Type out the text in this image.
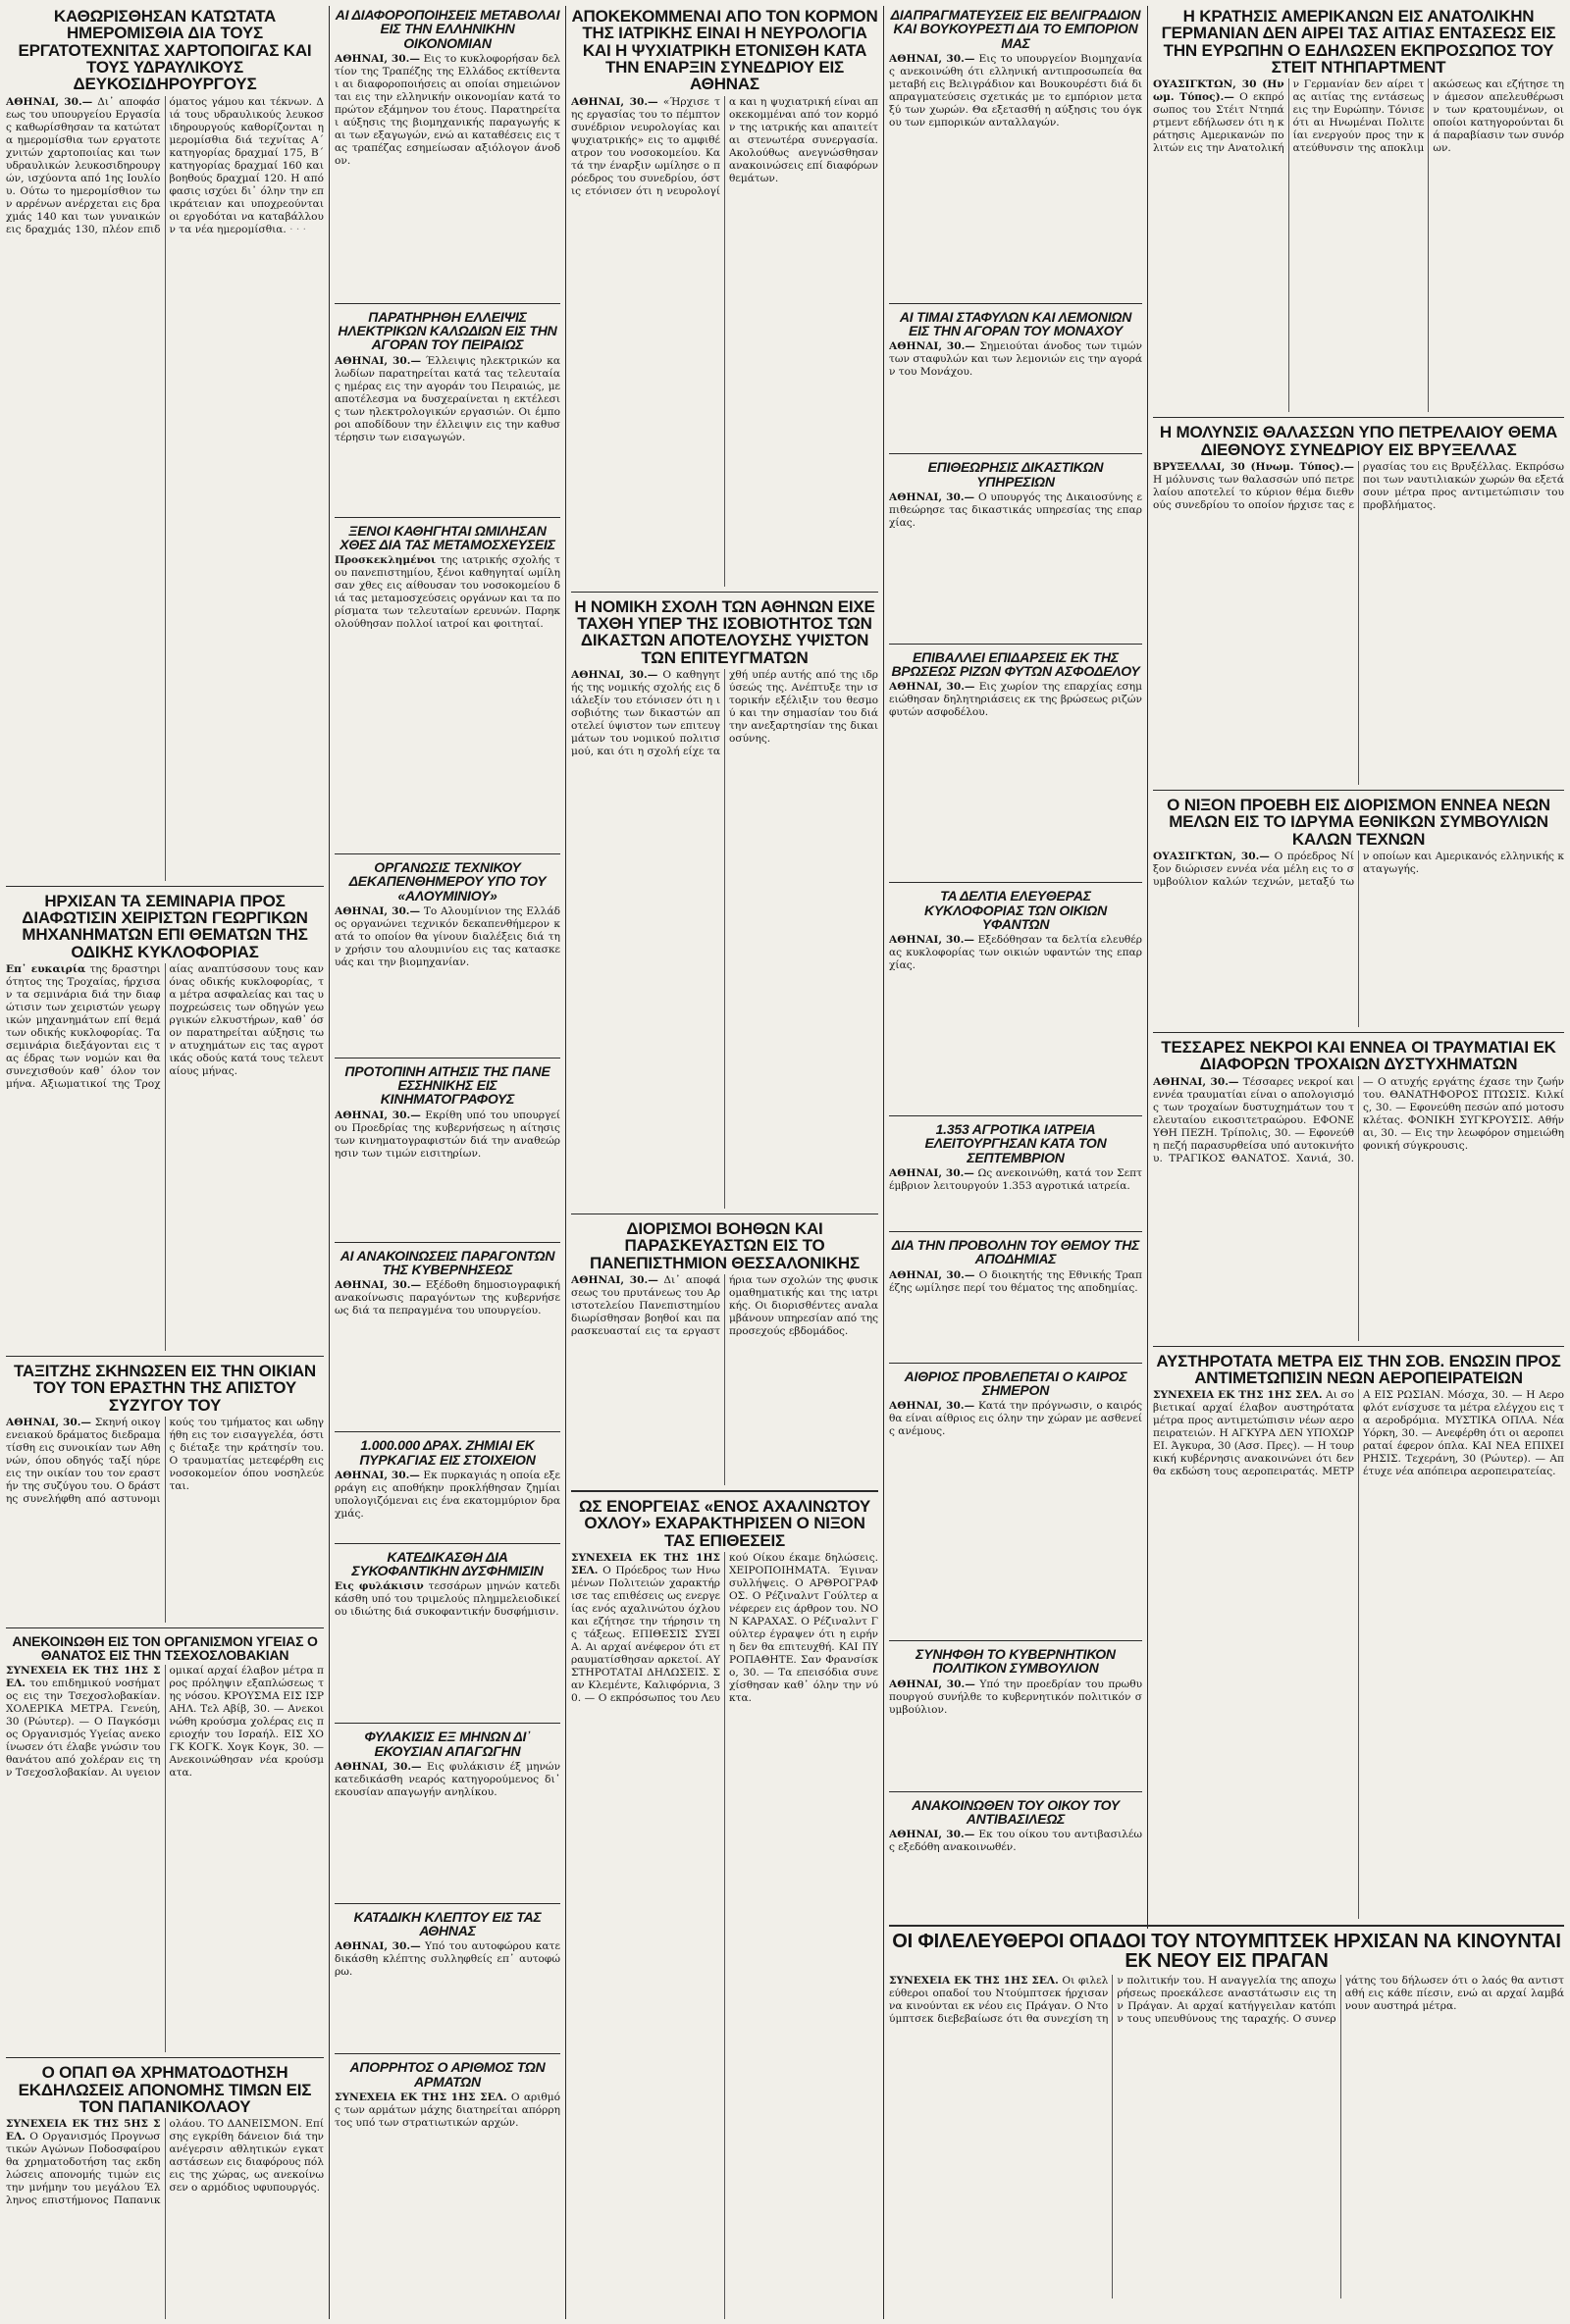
ΚΑΘΩΡΙΣΘΗΣΑΝ ΚΑΤΩΤΑΤΑ ΗΜΕΡΟΜΙΣΘΙΑ ΔΙΑ ΤΟΥΣ ΕΡΓΑΤΟΤΕΧΝΙΤΑΣ ΧΑΡΤΟΠΟΙΓΑΣ ΚΑΙ ΤΟΥΣ ΥΔΡΑΥΛΙΚΟΥΣ ΔΕΥΚΟΣΙΔΗΡΟΥΡΓΟΥΣ

ΑΘΗΝΑΙ, 30.— Δι᾽ αποφάσεως του υπουργείου Εργασίας καθωρίσθησαν τα κατώτατα ημερομίσθια των εργατοτεχνιτών χαρτοποιίας και των υδραυλικών λευκοσιδηρουργών, ισχύοντα από 1ης Ιουλίου. Ούτω το ημερομίσθιον των αρρένων ανέρχεται εις δραχμάς 140 και των γυναικών εις δραχμάς 130, πλέον επιδόματος γάμου και τέκνων. Διά τους υδραυλικούς λευκοσιδηρουργούς καθορίζονται ημερομίσθια διά τεχνίτας Α΄ κατηγορίας δραχμαί 175, Β΄ κατηγορίας δραχμαί 160 και βοηθούς δραχμαί 120. Η απόφασις ισχύει δι᾽ όλην την επικράτειαν και υποχρεούνται οι εργοδόται να καταβάλλουν τα νέα ημερομίσθια. · · ·

ΗΡΧΙΣΑΝ ΤΑ ΣΕΜΙΝΑΡΙΑ ΠΡΟΣ ΔΙΑΦΩΤΙΣΙΝ ΧΕΙΡΙΣΤΩΝ ΓΕΩΡΓΙΚΩΝ ΜΗΧΑΝΗΜΑΤΩΝ ΕΠΙ ΘΕΜΑΤΩΝ ΤΗΣ ΟΔΙΚΗΣ ΚΥΚΛΟΦΟΡΙΑΣ

Επ᾽ ευκαιρία της δραστηριότητος της Τροχαίας, ήρχισαν τα σεμινάρια διά την διαφώτισιν των χειριστών γεωργικών μηχανημάτων επί θεμάτων οδικής κυκλοφορίας. Τα σεμινάρια διεξάγονται εις τας έδρας των νομών και θα συνεχισθούν καθ᾽ όλον τον μήνα. Αξιωματικοί της Τροχαίας αναπτύσσουν τους κανόνας οδικής κυκλοφορίας, τα μέτρα ασφαλείας και τας υποχρεώσεις των οδηγών γεωργικών ελκυστήρων, καθ᾽ όσον παρατηρείται αύξησις των ατυχημάτων εις τας αγροτικάς οδούς κατά τους τελευταίους μήνας.

ΤΑΞΙΤΖΗΣ ΣΚΗΝΩΣΕΝ ΕΙΣ ΤΗΝ ΟΙΚΙΑΝ ΤΟΥ ΤΟΝ ΕΡΑΣΤΗΝ ΤΗΣ ΑΠΙΣΤΟΥ ΣΥΖΥΓΟΥ ΤΟΥ

ΑΘΗΝΑΙ, 30.— Σκηνή οικογενειακού δράματος διεδραματίσθη εις συνοικίαν των Αθηνών, όπου οδηγός ταξί ηύρε εις την οικίαν του τον εραστήν της συζύγου του. Ο δράστης συνελήφθη από αστυνομικούς του τμήματος και ωδηγήθη εις τον εισαγγελέα, όστις διέταξε την κράτησίν του. Ο τραυματίας μετεφέρθη εις νοσοκομείον όπου νοσηλεύεται.

ΑΝΕΚΟΙΝΩΘΗ ΕΙΣ ΤΟΝ ΟΡΓΑΝΙΣΜΟΝ ΥΓΕΙΑΣ Ο ΘΑΝΑΤΟΣ ΕΙΣ ΤΗΝ ΤΣΕΧΟΣΛΟΒΑΚΙΑΝ

ΣΥΝΕΧΕΙΑ ΕΚ ΤΗΣ 1ΗΣ ΣΕΛ. του επιδημικού νοσήματος εις την Τσεχοσλοβακίαν. ΧΟΛΕΡΙΚΑ ΜΕΤΡΑ. Γενεύη, 30 (Ρώυτερ). — Ο Παγκόσμιος Οργανισμός Υγείας ανεκοίνωσεν ότι έλαβε γνώσιν του θανάτου από χολέραν εις την Τσεχοσλοβακίαν. Αι υγειονομικαί αρχαί έλαβον μέτρα προς πρόληψιν εξαπλώσεως της νόσου. ΚΡΟΥΣΜΑ ΕΙΣ ΙΣΡΑΗΛ. Τελ Αβίβ, 30. — Ανεκοινώθη κρούσμα χολέρας εις περιοχήν του Ισραήλ. ΕΙΣ ΧΟΓΚ ΚΟΓΚ. Χογκ Κογκ, 30. — Ανεκοινώθησαν νέα κρούσματα.

Ο ΟΠΑΠ ΘΑ ΧΡΗΜΑΤΟΔΟΤΗΣΗ ΕΚΔΗΛΩΣΕΙΣ ΑΠΟΝΟΜΗΣ ΤΙΜΩΝ ΕΙΣ ΤΟΝ ΠΑΠΑΝΙΚΟΛΑΟΥ

ΣΥΝΕΧΕΙΑ ΕΚ ΤΗΣ 5ΗΣ ΣΕΛ. Ο Οργανισμός Προγνωστικών Αγώνων Ποδοσφαίρου θα χρηματοδοτήση τας εκδηλώσεις απονομής τιμών εις την μνήμην του μεγάλου Έλληνος επιστήμονος Παπανικολάου. ΤΟ ΔΑΝΕΙΣΜΟΝ. Επίσης εγκρίθη δάνειον διά την ανέγερσιν αθλητικών εγκαταστάσεων εις διαφόρους πόλεις της χώρας, ως ανεκοίνωσεν ο αρμόδιος υφυπουργός.

ΑΙ ΔΙΑΦΟΡΟΠΟΙΗΣΕΙΣ ΜΕΤΑΒΟΛΑΙ ΕΙΣ ΤΗΝ ΕΛΛΗΝΙΚΗΝ ΟΙΚΟΝΟΜΙΑΝ

ΑΘΗΝΑΙ, 30.— Εις το κυκλοφορήσαν δελτίον της Τραπέζης της Ελλάδος εκτίθενται αι διαφοροποιήσεις αι οποίαι σημειώνονται εις την ελληνικήν οικονομίαν κατά το πρώτον εξάμηνον του έτους. Παρατηρείται αύξησις της βιομηχανικής παραγωγής και των εξαγωγών, ενώ αι καταθέσεις εις τας τραπέζας εσημείωσαν αξιόλογον άνοδον.

ΠΑΡΑΤΗΡΗΘΗ ΕΛΛΕΙΨΙΣ ΗΛΕΚΤΡΙΚΩΝ ΚΑΛΩΔΙΩΝ ΕΙΣ ΤΗΝ ΑΓΟΡΑΝ ΤΟΥ ΠΕΙΡΑΙΩΣ

ΑΘΗΝΑΙ, 30.— Έλλειψις ηλεκτρικών καλωδίων παρατηρείται κατά τας τελευταίας ημέρας εις την αγοράν του Πειραιώς, με αποτέλεσμα να δυσχεραίνεται η εκτέλεσις των ηλεκτρολογικών εργασιών. Οι έμποροι αποδίδουν την έλλειψιν εις την καθυστέρησιν των εισαγωγών.

ΞΕΝΟΙ ΚΑΘΗΓΗΤΑΙ ΩΜΙΛΗΣΑΝ ΧΘΕΣ ΔΙΑ ΤΑΣ ΜΕΤΑΜΟΣΧΕΥΣΕΙΣ

Προσκεκλημένοι της ιατρικής σχολής του πανεπιστημίου, ξένοι καθηγηταί ωμίλησαν χθες εις αίθουσαν του νοσοκομείου διά τας μεταμοσχεύσεις οργάνων και τα πορίσματα των τελευταίων ερευνών. Παρηκολούθησαν πολλοί ιατροί και φοιτηταί.

ΟΡΓΑΝΩΣΙΣ ΤΕΧΝΙΚΟΥ ΔΕΚΑΠΕΝΘΗΜΕΡΟΥ ΥΠΟ ΤΟΥ «ΑΛΟΥΜΙΝΙΟΥ»

ΑΘΗΝΑΙ, 30.— Το Αλουμίνιον της Ελλάδος οργανώνει τεχνικόν δεκαπενθήμερον κατά το οποίον θα γίνουν διαλέξεις διά την χρήσιν του αλουμινίου εις τας κατασκευάς και την βιομηχανίαν.

ΠΡΟΤΟΠΙΝΗ ΑΙΤΗΣΙΣ ΤΗΣ ΠΑΝΕ ΕΣΣΗΝΙΚΗΣ ΕΙΣ ΚΙΝΗΜΑΤΟΓΡΑΦΟΥΣ

ΑΘΗΝΑΙ, 30.— Εκρίθη υπό του υπουργείου Προεδρίας της κυβερνήσεως η αίτησις των κινηματογραφιστών διά την αναθεώρησιν των τιμών εισιτηρίων.

ΑΙ ΑΝΑΚΟΙΝΩΣΕΙΣ ΠΑΡΑΓΟΝΤΩΝ ΤΗΣ ΚΥΒΕΡΝΗΣΕΩΣ

ΑΘΗΝΑΙ, 30.— Εξέδοθη δημοσιογραφική ανακοίνωσις παραγόντων της κυβερνήσεως διά τα πεπραγμένα του υπουργείου.

1.000.000 ΔΡΑΧ. ΖΗΜΙΑΙ ΕΚ ΠΥΡΚΑΓΙΑΣ ΕΙΣ ΣΤΟΙΧΕΙΟΝ

ΑΘΗΝΑΙ, 30.— Εκ πυρκαγιάς η οποία εξερράγη εις αποθήκην προκλήθησαν ζημίαι υπολογιζόμεναι εις ένα εκατομμύριον δραχμάς.

ΚΑΤΕΔΙΚΑΣΘΗ ΔΙΑ ΣΥΚΟΦΑΝΤΙΚΗΝ ΔΥΣΦΗΜΙΣΙΝ

Εις φυλάκισιν τεσσάρων μηνών κατεδικάσθη υπό του τριμελούς πλημμελειοδικείου ιδιώτης διά συκοφαντικήν δυσφήμισιν.

ΦΥΛΑΚΙΣΙΣ ΕΞ ΜΗΝΩΝ ΔΙ᾽ ΕΚΟΥΣΙΑΝ ΑΠΑΓΩΓΗΝ

ΑΘΗΝΑΙ, 30.— Εις φυλάκισιν έξ μηνών κατεδικάσθη νεαρός κατηγορούμενος δι᾽ εκουσίαν απαγωγήν ανηλίκου.

ΚΑΤΑΔΙΚΗ ΚΛΕΠΤΟΥ ΕΙΣ ΤΑΣ ΑΘΗΝΑΣ

ΑΘΗΝΑΙ, 30.— Υπό του αυτοφώρου κατεδικάσθη κλέπτης συλληφθείς επ᾽ αυτοφώρω.

ΑΠΟΡΡΗΤΟΣ Ο ΑΡΙΘΜΟΣ ΤΩΝ ΑΡΜΑΤΩΝ

ΣΥΝΕΧΕΙΑ ΕΚ ΤΗΣ 1ΗΣ ΣΕΛ. Ο αριθμός των αρμάτων μάχης διατηρείται απόρρητος υπό των στρατιωτικών αρχών.

ΑΠΟΚΕΚΟΜΜΕΝΑΙ ΑΠΟ ΤΟΝ ΚΟΡΜΟΝ ΤΗΣ ΙΑΤΡΙΚΗΣ ΕΙΝΑΙ Η ΝΕΥΡΟΛΟΓΙΑ ΚΑΙ Η ΨΥΧΙΑΤΡΙΚΗ ΕΤΟΝΙΣΘΗ ΚΑΤΑ ΤΗΝ ΕΝΑΡΞΙΝ ΣΥΝΕΔΡΙΟΥ ΕΙΣ ΑΘΗΝΑΣ

ΑΘΗΝΑΙ, 30.— «Ήρχισε της εργασίας του το πέμπτον συνέδριον νευρολογίας και ψυχιατρικής» εις το αμφιθέατρον του νοσοκομείου. Κατά την έναρξιν ωμίλησε ο πρόεδρος του συνεδρίου, όστις ετόνισεν ότι η νευρολογία και η ψυχιατρική είναι αποκεκομμέναι από τον κορμόν της ιατρικής και απαιτείται στενωτέρα συνεργασία. Ακολούθως ανεγνώσθησαν ανακοινώσεις επί διαφόρων θεμάτων.

Η ΝΟΜΙΚΗ ΣΧΟΛΗ ΤΩΝ ΑΘΗΝΩΝ ΕΙΧΕ ΤΑΧΘΗ ΥΠΕΡ ΤΗΣ ΙΣΟΒΙΟΤΗΤΟΣ ΤΩΝ ΔΙΚΑΣΤΩΝ ΑΠΟΤΕΛΟΥΣΗΣ ΥΨΙΣΤΟΝ ΤΩΝ ΕΠΙΤΕΥΓΜΑΤΩΝ

ΑΘΗΝΑΙ, 30.— Ο καθηγητής της νομικής σχολής εις διάλεξίν του ετόνισεν ότι η ισοβιότης των δικαστών αποτελεί ύψιστον των επιτευγμάτων του νομικού πολιτισμού, και ότι η σχολή είχε ταχθή υπέρ αυτής από της ιδρύσεώς της. Ανέπτυξε την ιστορικήν εξέλιξιν του θεσμού και την σημασίαν του διά την ανεξαρτησίαν της δικαιοσύνης.

ΔΙΟΡΙΣΜΟΙ ΒΟΗΘΩΝ ΚΑΙ ΠΑΡΑΣΚΕΥΑΣΤΩΝ ΕΙΣ ΤΟ ΠΑΝΕΠΙΣΤΗΜΙΟΝ ΘΕΣΣΑΛΟΝΙΚΗΣ

ΑΘΗΝΑΙ, 30.— Δι᾽ αποφάσεως του πρυτάνεως του Αριστοτελείου Πανεπιστημίου διωρίσθησαν βοηθοί και παρασκευασταί εις τα εργαστήρια των σχολών της φυσικομαθηματικής και της ιατρικής. Οι διορισθέντες αναλαμβάνουν υπηρεσίαν από της προσεχούς εβδομάδος.

ΩΣ ΕΝΟΡΓΕΙΑΣ «ΕΝΟΣ ΑΧΑΛΙΝΩΤΟΥ ΟΧΛΟΥ» ΕΧΑΡΑΚΤΗΡΙΣΕΝ Ο ΝΙΞΟΝ ΤΑΣ ΕΠΙΘΕΣΕΙΣ

ΣΥΝΕΧΕΙΑ ΕΚ ΤΗΣ 1ΗΣ ΣΕΛ. Ο Πρόεδρος των Ηνωμένων Πολιτειών χαρακτήρισε τας επιθέσεις ως ενεργείας ενός αχαλινώτου όχλου και εζήτησε την τήρησιν της τάξεως. ΕΠΙΘΕΣΙΣ ΣΥΞΙΑ. Αι αρχαί ανέφερον ότι ετραυματίσθησαν αρκετοί. ΑΥΣΤΗΡΟΤΑΤΑΙ ΔΗΛΩΣΕΙΣ. Σαν Κλεμέντε, Καλιφόρνια, 30. — Ο εκπρόσωπος του Λευκού Οίκου έκαμε δηλώσεις. ΧΕΙΡΟΠΟΙΗΜΑΤΑ. Έγιναν συλλήψεις. Ο ΑΡΘΡΟΓΡΑΦΟΣ. Ο Ρέζιναλντ Γούλτερ ανέφερεν εις άρθρον του. ΝΟΝ ΚΑΡΑΧΑΣ. Ο Ρέζιναλντ Γούλτερ έγραψεν ότι η ειρήνη δεν θα επιτευχθή. ΚΑΙ ΠΥΡΟΠΑΘΗΤΕ. Σαν Φρανσίσκο, 30. — Τα επεισόδια συνεχίσθησαν καθ᾽ όλην την νύκτα.

ΔΙΑΠΡΑΓΜΑΤΕΥΣΕΙΣ ΕΙΣ ΒΕΛΙΓΡΑΔΙΟΝ ΚΑΙ ΒΟΥΚΟΥΡΕΣΤΙ ΔΙΑ ΤΟ ΕΜΠΟΡΙΟΝ ΜΑΣ

ΑΘΗΝΑΙ, 30.— Εις το υπουργείον Βιομηχανίας ανεκοινώθη ότι ελληνική αντιπροσωπεία θα μεταβή εις Βελιγράδιον και Βουκουρέστι διά διαπραγματεύσεις σχετικάς με το εμπόριον μεταξύ των χωρών. Θα εξετασθή η αύξησις του όγκου των εμπορικών ανταλλαγών.

ΑΙ ΤΙΜΑΙ ΣΤΑΦΥΛΩΝ ΚΑΙ ΛΕΜΟΝΙΩΝ ΕΙΣ ΤΗΝ ΑΓΟΡΑΝ ΤΟΥ ΜΟΝΑΧΟΥ

ΑΘΗΝΑΙ, 30.— Σημειούται άνοδος των τιμών των σταφυλών και των λεμονιών εις την αγοράν του Μονάχου.

ΕΠΙΘΕΩΡΗΣΙΣ ΔΙΚΑΣΤΙΚΩΝ ΥΠΗΡΕΣΙΩΝ

ΑΘΗΝΑΙ, 30.— Ο υπουργός της Δικαιοσύνης επιθεώρησε τας δικαστικάς υπηρεσίας της επαρχίας.

ΕΠΙΒΑΛΛΕΙ ΕΠΙΔΑΡΣΕΙΣ ΕΚ ΤΗΣ ΒΡΩΣΕΩΣ ΡΙΖΩΝ ΦΥΤΩΝ ΑΣΦΟΔΕΛΟΥ

ΑΘΗΝΑΙ, 30.— Εις χωρίον της επαρχίας εσημειώθησαν δηλητηριάσεις εκ της βρώσεως ριζών φυτών ασφοδέλου.

ΤΑ ΔΕΛΤΙΑ ΕΛΕΥΘΕΡΑΣ ΚΥΚΛΟΦΟΡΙΑΣ ΤΩΝ ΟΙΚΙΩΝ ΥΦΑΝΤΩΝ

ΑΘΗΝΑΙ, 30.— Εξεδόθησαν τα δελτία ελευθέρας κυκλοφορίας των οικιών υφαντών της επαρχίας.

1.353 ΑΓΡΟΤΙΚΑ ΙΑΤΡΕΙΑ ΕΛΕΙΤΟΥΡΓΗΣΑΝ ΚΑΤΑ ΤΟΝ ΣΕΠΤΕΜΒΡΙΟΝ

ΑΘΗΝΑΙ, 30.— Ως ανεκοινώθη, κατά τον Σεπτέμβριον λειτουργούν 1.353 αγροτικά ιατρεία.

ΔΙΑ ΤΗΝ ΠΡΟΒΟΛΗΝ ΤΟΥ ΘΕΜΟΥ ΤΗΣ ΑΠΟΔΗΜΙΑΣ

ΑΘΗΝΑΙ, 30.— Ο διοικητής της Εθνικής Τραπέζης ωμίλησε περί του θέματος της αποδημίας.

ΑΙΘΡΙΟΣ ΠΡΟΒΛΕΠΕΤΑΙ Ο ΚΑΙΡΟΣ ΣΗΜΕΡΟΝ

ΑΘΗΝΑΙ, 30.— Κατά την πρόγνωσιν, ο καιρός θα είναι αίθριος εις όλην την χώραν με ασθενείς ανέμους.

ΣΥΝΗΦΘΗ ΤΟ ΚΥΒΕΡΝΗΤΙΚΟΝ ΠΟΛΙΤΙΚΟΝ ΣΥΜΒΟΥΛΙΟΝ

ΑΘΗΝΑΙ, 30.— Υπό την προεδρίαν του πρωθυπουργού συνήλθε το κυβερνητικόν πολιτικόν συμβούλιον.

ΑΝΑΚΟΙΝΩΘΕΝ ΤΟΥ ΟΙΚΟΥ ΤΟΥ ΑΝΤΙΒΑΣΙΛΕΩΣ

ΑΘΗΝΑΙ, 30.— Εκ του οίκου του αντιβασιλέως εξεδόθη ανακοινωθέν.

Η ΚΡΑΤΗΣΙΣ ΑΜΕΡΙΚΑΝΩΝ ΕΙΣ ΑΝΑΤΟΛΙΚΗΝ ΓΕΡΜΑΝΙΑΝ ΔΕΝ ΑΙΡΕΙ ΤΑΣ ΑΙΤΙΑΣ ΕΝΤΑΣΕΩΣ ΕΙΣ ΤΗΝ ΕΥΡΩΠΗΝ Ο ΕΔΗΛΩΣΕΝ ΕΚΠΡΟΣΩΠΟΣ ΤΟΥ ΣΤΕΙΤ ΝΤΗΠΑΡΤΜΕΝΤ

ΟΥΑΣΙΓΚΤΩΝ, 30 (Ηνωμ. Τύπος).— Ο εκπρόσωπος του Στέιτ Ντηπάρτμεντ εδήλωσεν ότι η κράτησις Αμερικανών πολιτών εις την Ανατολικήν Γερμανίαν δεν αίρει τας αιτίας της εντάσεως εις την Ευρώπην. Τόνισε ότι αι Ηνωμέναι Πολιτείαι ενεργούν προς την κατεύθυνσιν της αποκλιμακώσεως και εζήτησε την άμεσον απελευθέρωσιν των κρατουμένων, οι οποίοι κατηγορούνται διά παραβίασιν των συνόρων.

Η ΜΟΛΥΝΣΙΣ ΘΑΛΑΣΣΩΝ ΥΠΟ ΠΕΤΡΕΛΑΙΟΥ ΘΕΜΑ ΔΙΕΘΝΟΥΣ ΣΥΝΕΔΡΙΟΥ ΕΙΣ ΒΡΥΞΕΛΛΑΣ

ΒΡΥΞΕΛΛΑΙ, 30 (Ηνωμ. Τύπος).— Η μόλυνσις των θαλασσών υπό πετρελαίου αποτελεί το κύριον θέμα διεθνούς συνεδρίου το οποίον ήρχισε τας εργασίας του εις Βρυξέλλας. Εκπρόσωποι των ναυτιλιακών χωρών θα εξετάσουν μέτρα προς αντιμετώπισιν του προβλήματος.

Ο ΝΙΞΟΝ ΠΡΟΕΒΗ ΕΙΣ ΔΙΟΡΙΣΜΟΝ ΕΝΝΕΑ ΝΕΩΝ ΜΕΛΩΝ ΕΙΣ ΤΟ ΙΔΡΥΜΑ ΕΘΝΙΚΩΝ ΣΥΜΒΟΥΛΙΩΝ ΚΑΛΩΝ ΤΕΧΝΩΝ

ΟΥΑΣΙΓΚΤΩΝ, 30.— Ο πρόεδρος Νίξον διώρισεν εννέα νέα μέλη εις το συμβούλιον καλών τεχνών, μεταξύ των οποίων και Αμερικανός ελληνικής καταγωγής.

ΤΕΣΣΑΡΕΣ ΝΕΚΡΟΙ ΚΑΙ ΕΝΝΕΑ ΟΙ ΤΡΑΥΜΑΤΙΑΙ ΕΚ ΔΙΑΦΟΡΩΝ ΤΡΟΧΑΙΩΝ ΔΥΣΤΥΧΗΜΑΤΩΝ

ΑΘΗΝΑΙ, 30.— Τέσσαρες νεκροί και εννέα τραυματίαι είναι ο απολογισμός των τροχαίων δυστυχημάτων του τελευταίου εικοσιτετραώρου. ΕΦΟΝΕΥΘΗ ΠΕΖΗ. Τρίπολις, 30. — Εφονεύθη πεζή παρασυρθείσα υπό αυτοκινήτου. ΤΡΑΓΙΚΟΣ ΘΑΝΑΤΟΣ. Χανιά, 30. — Ο ατυχής εργάτης έχασε την ζωήν του. ΘΑΝΑΤΗΦΟΡΟΣ ΠΤΩΣΙΣ. Κιλκίς, 30. — Εφονεύθη πεσών από μοτοσυκλέτας. ΦΟΝΙΚΗ ΣΥΓΚΡΟΥΣΙΣ. Αθήναι, 30. — Εις την λεωφόρον σημειώθη φονική σύγκρουσις.

ΑΥΣΤΗΡΟΤΑΤΑ ΜΕΤΡΑ ΕΙΣ ΤΗΝ ΣΟΒ. ΕΝΩΣΙΝ ΠΡΟΣ ΑΝΤΙΜΕΤΩΠΙΣΙΝ ΝΕΩΝ ΑΕΡΟΠΕΙΡΑΤΕΙΩΝ

ΣΥΝΕΧΕΙΑ ΕΚ ΤΗΣ 1ΗΣ ΣΕΛ. Αι σοβιετικαί αρχαί έλαβον αυστηρότατα μέτρα προς αντιμετώπισιν νέων αεροπειρατειών. Η ΑΓΚΥΡΑ ΔΕΝ ΥΠΟΧΩΡΕΙ. Άγκυρα, 30 (Ασσ. Πρες). — Η τουρκική κυβέρνησις ανακοινώνει ότι δεν θα εκδώση τους αεροπειρατάς. ΜΕΤΡΑ ΕΙΣ ΡΩΣΙΑΝ. Μόσχα, 30. — Η Αεροφλότ ενίσχυσε τα μέτρα ελέγχου εις τα αεροδρόμια. ΜΥΣΤΙΚΑ ΟΠΛΑ. Νέα Υόρκη, 30. — Ανεφέρθη ότι οι αεροπειραταί έφερον όπλα. ΚΑΙ ΝΕΑ ΕΠΙΧΕΙΡΗΣΙΣ. Τεχεράνη, 30 (Ρώυτερ). — Απέτυχε νέα απόπειρα αεροπειρατείας.

ΟΙ ΦΙΛΕΛΕΥΘΕΡΟΙ ΟΠΑΔΟΙ ΤΟΥ ΝΤΟΥΜΠΤΣΕΚ ΗΡΧΙΣΑΝ ΝΑ ΚΙΝΟΥΝΤΑΙ ΕΚ ΝΕΟΥ ΕΙΣ ΠΡΑΓΑΝ

ΣΥΝΕΧΕΙΑ ΕΚ ΤΗΣ 1ΗΣ ΣΕΛ. Οι φιλελεύθεροι οπαδοί του Ντούμπτσεκ ήρχισαν να κινούνται εκ νέου εις Πράγαν. Ο Ντούμπτσεκ διεβεβαίωσε ότι θα συνεχίση την πολιτικήν του. Η αναγγελία της αποχωρήσεως προεκάλεσε αναστάτωσιν εις την Πράγαν. Αι αρχαί κατήγγειλαν κατόπιν τους υπευθύνους της ταραχής. Ο συνεργάτης του δήλωσεν ότι ο λαός θα αντισταθή εις κάθε πίεσιν, ενώ αι αρχαί λαμβάνουν αυστηρά μέτρα.
